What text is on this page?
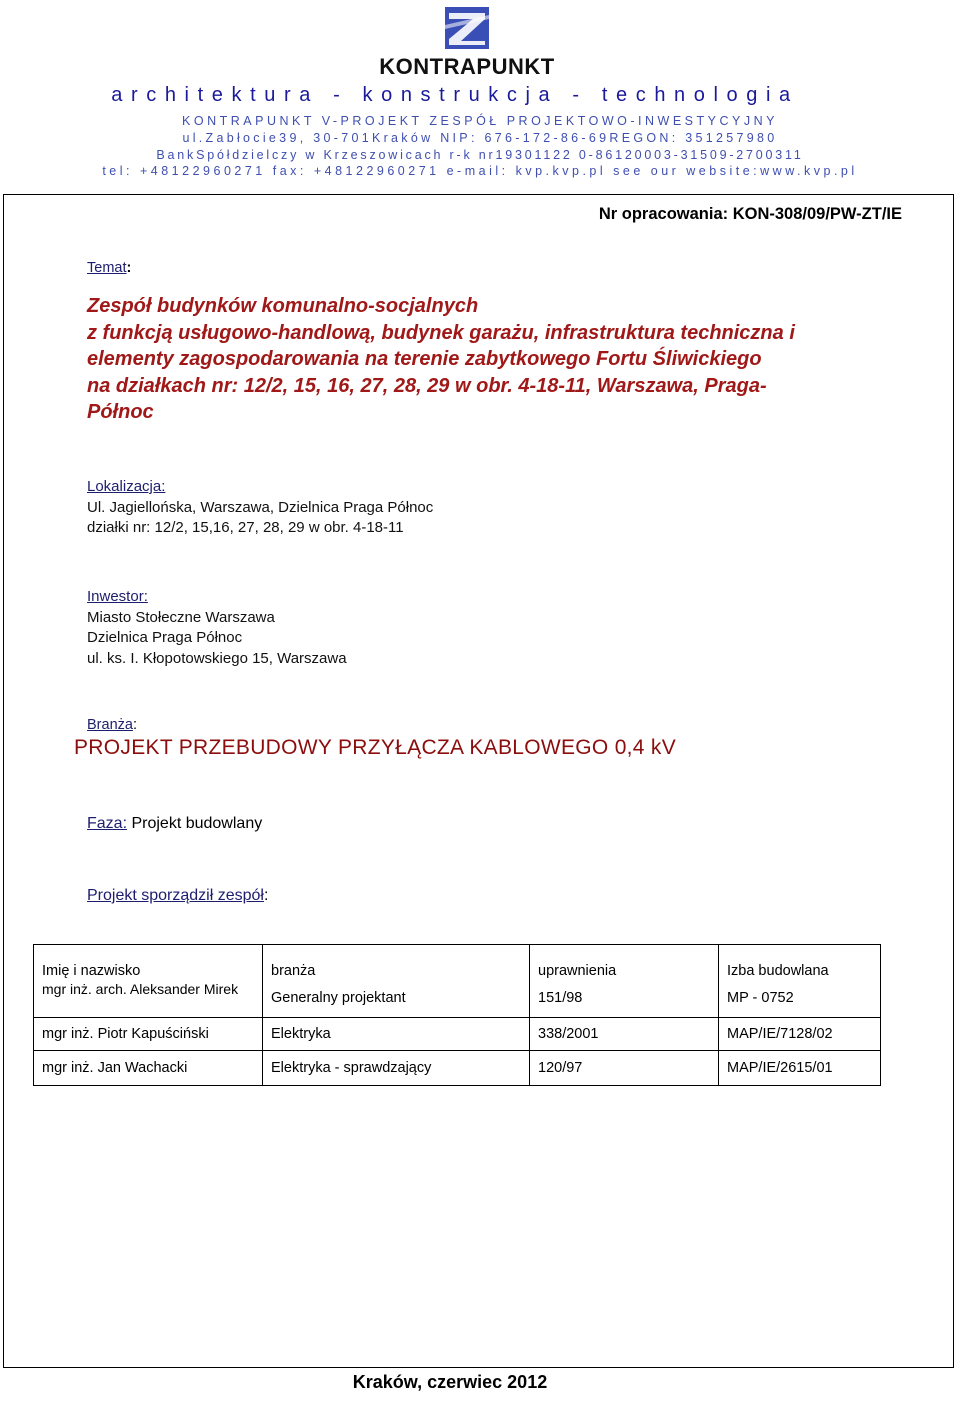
KONTRAPUNKT
architektura - konstrukcja - technologia
KONTRAPUNKT V-PROJEKT ZESPÓŁ PROJEKTOWO-INWESTYCYJNY
ul.Zabłocie39, 30-701Kraków NIP: 676-172-86-69REGON: 351257980
BankSpółdzielczy w Krzeszowicach r-k nr19301122 0-86120003-31509-2700311
tel: +48122960271 fax: +48122960271 e-mail: kvp.kvp.pl see our website:www.kvp.pl
Nr opracowania: KON-308/09/PW-ZT/IE
Temat:
Zespół budynków komunalno-socjalnych
z funkcją usługowo-handlową, budynek garażu, infrastruktura techniczna i
elementy zagospodarowania na terenie zabytkowego Fortu Śliwickiego
na działkach nr: 12/2, 15, 16, 27, 28, 29 w obr. 4-18-11, Warszawa, Praga-
Północ
Lokalizacja:
Ul. Jagiellońska, Warszawa, Dzielnica Praga Północ
działki nr: 12/2, 15,16, 27, 28, 29 w obr. 4-18-11
Inwestor:
Miasto Stołeczne Warszawa
Dzielnica Praga Północ
ul. ks. I. Kłopotowskiego 15, Warszawa
Branża:
PROJEKT PRZEBUDOWY PRZYŁĄCZA KABLOWEGO 0,4 kV
Faza: Projekt budowlany
Projekt sporządził zespół:
Imię i nazwisko	branża	uprawnienia	Izba budowlana
mgr inż. arch. Aleksander Mirek	Generalny projektant	151/98	MP - 0752
mgr inż. Piotr Kapuściński	Elektryka	338/2001	MAP/IE/7128/02
mgr inż. Jan Wachacki	Elektryka - sprawdzający	120/97	MAP/IE/2615/01
Kraków, czerwiec 2012
